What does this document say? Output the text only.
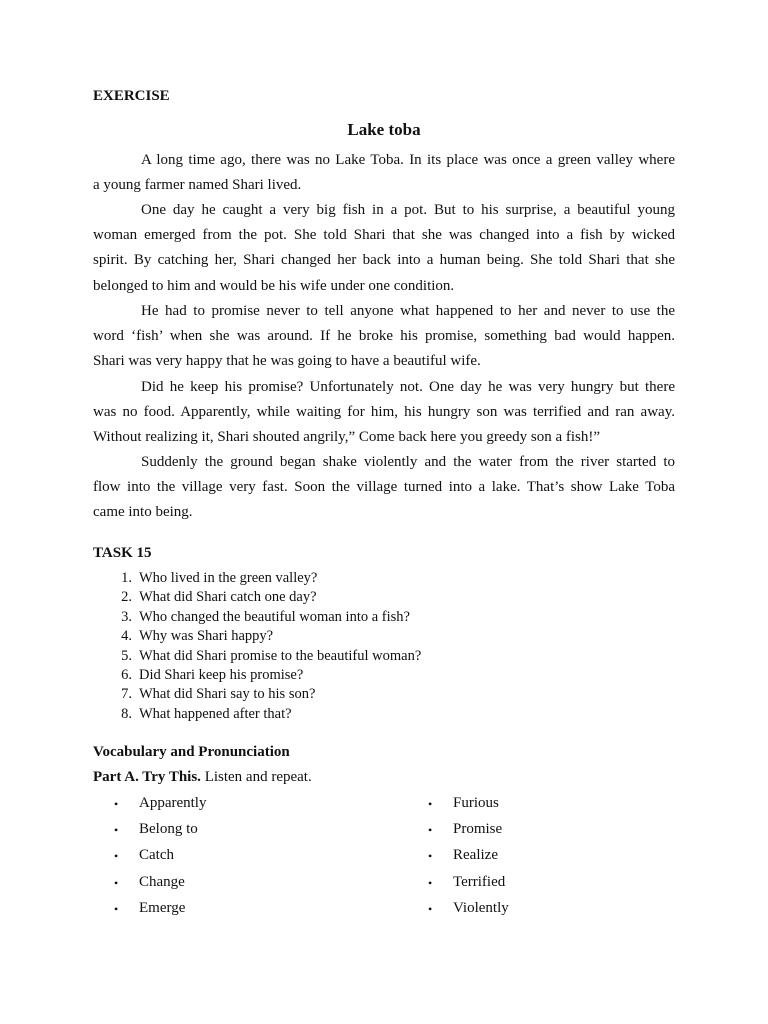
EXERCISE
Lake toba
A long time ago, there was no Lake Toba. In its place was once a green valley where
a young farmer named Shari lived.
One day he caught a very big fish in a pot. But to his surprise, a beautiful young
woman emerged from the pot. She told Shari that she was changed into a fish by wicked
spirit. By catching her, Shari changed her back into a human being. She told Shari that she
belonged to him and would be his wife under one condition.
He had to promise never to tell anyone what happened to her and never to use the
word ‘fish’ when she was around. If he broke his promise, something bad would happen.
Shari was very happy that he was going to have a beautiful wife.
Did he keep his promise? Unfortunately not. One day he was very hungry but there
was no food. Apparently, while waiting for him, his hungry son was terrified and ran away.
Without realizing it, Shari shouted angrily,” Come back here you greedy son a fish!”
Suddenly the ground began shake violently and the water from the river started to
flow into the village very fast. Soon the village turned into a lake. That’s show Lake Toba
came into being.
TASK 15
1. Who lived in the green valley?
2. What did Shari catch one day?
3. Who changed the beautiful woman into a fish?
4. Why was Shari happy?
5. What did Shari promise to the beautiful woman?
6. Did Shari keep his promise?
7. What did Shari say to his son?
8. What happened after that?
Vocabulary and Pronunciation
Part A. Try This. Listen and repeat.
• Apparently	• Furious
• Belong to	• Promise
• Catch	• Realize
• Change	• Terrified
• Emerge	• Violently
